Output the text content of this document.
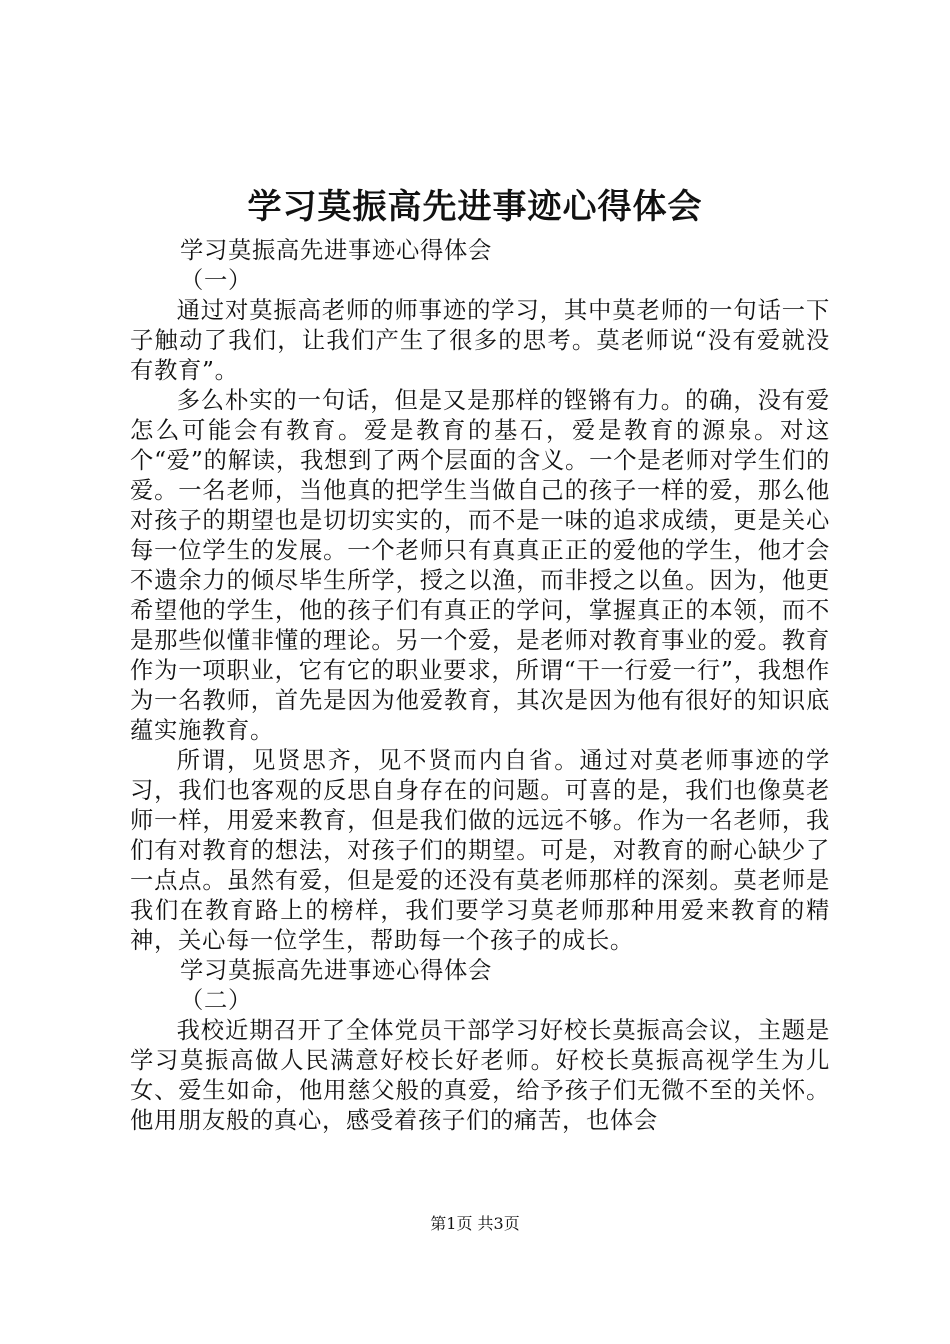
学习莫振高先进事迹心得体会

学习莫振高先进事迹心得体会

（一）

通过对莫振高老师的师事迹的学习，其中莫老师的一句话一下子触动了我们，让我们产生了很多的思考。莫老师说“没有爱就没有教育”。

多么朴实的一句话，但是又是那样的铿锵有力。的确，没有爱怎么可能会有教育。爱是教育的基石，爱是教育的源泉。对这个“爱”的解读，我想到了两个层面的含义。一个是老师对学生们的爱。一名老师，当他真的把学生当做自己的孩子一样的爱，那么他对孩子的期望也是切切实实的，而不是一味的追求成绩，更是关心每一位学生的发展。一个老师只有真真正正的爱他的学生，他才会不遗余力的倾尽毕生所学，授之以渔，而非授之以鱼。因为，他更希望他的学生，他的孩子们有真正的学问，掌握真正的本领，而不是那些似懂非懂的理论。另一个爱，是老师对教育事业的爱。教育作为一项职业，它有它的职业要求，所谓“干一行爱一行”，我想作为一名教师，首先是因为他爱教育，其次是因为他有很好的知识底蕴实施教育。

所谓，见贤思齐，见不贤而内自省。通过对莫老师事迹的学习，我们也客观的反思自身存在的问题。可喜的是，我们也像莫老师一样，用爱来教育，但是我们做的远远不够。作为一名老师，我们有对教育的想法，对孩子们的期望。可是，对教育的耐心缺少了一点点。虽然有爱，但是爱的还没有莫老师那样的深刻。莫老师是我们在教育路上的榜样，我们要学习莫老师那种用爱来教育的精神，关心每一位学生，帮助每一个孩子的成长。

学习莫振高先进事迹心得体会

（二）

我校近期召开了全体党员干部学习好校长莫振高会议，主题是学习莫振高做人民满意好校长好老师。好校长莫振高视学生为儿女、爱生如命，他用慈父般的真爱，给予孩子们无微不至的关怀。他用朋友般的真心，感受着孩子们的痛苦，也体会

第1页 共3页
